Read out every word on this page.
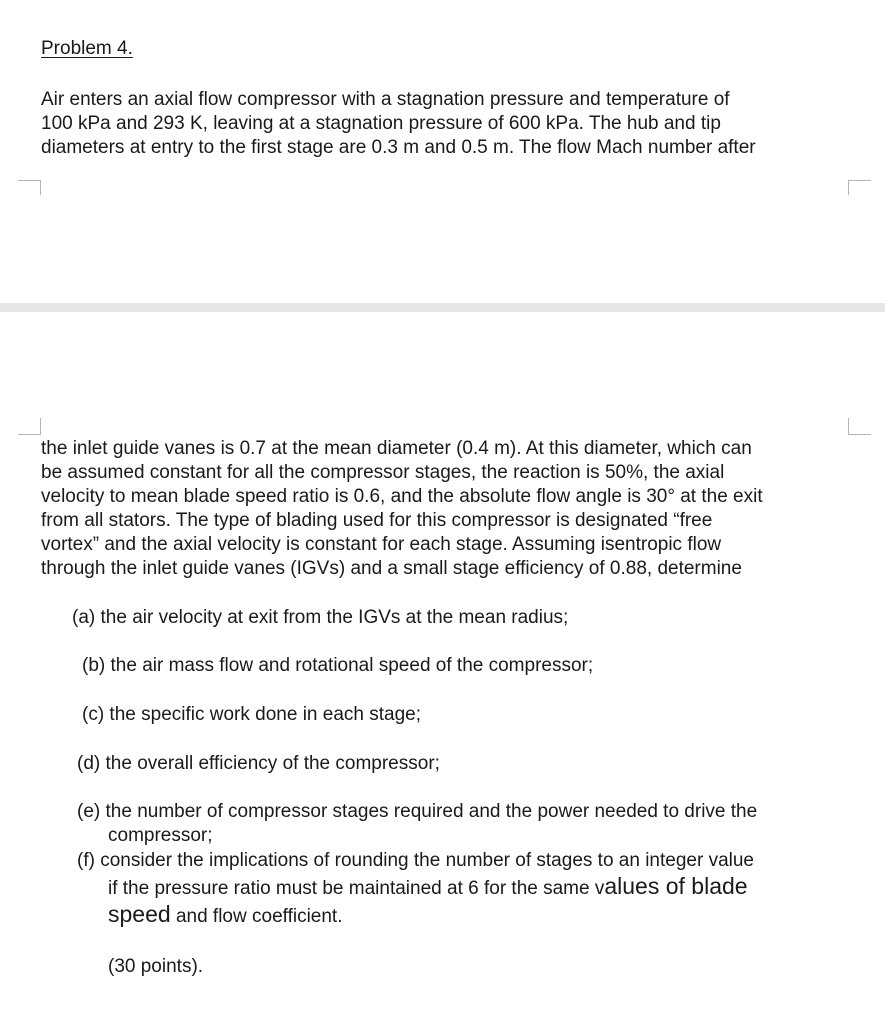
Problem 4.
Air enters an axial flow compressor with a stagnation pressure and temperature of
100 kPa and 293 K, leaving at a stagnation pressure of 600 kPa. The hub and tip
diameters at entry to the first stage are 0.3 m and 0.5 m. The flow Mach number after
the inlet guide vanes is 0.7 at the mean diameter (0.4 m). At this diameter, which can
be assumed constant for all the compressor stages, the reaction is 50%, the axial
velocity to mean blade speed ratio is 0.6, and the absolute flow angle is 30° at the exit
from all stators. The type of blading used for this compressor is designated “free
vortex” and the axial velocity is constant for each stage. Assuming isentropic flow
through the inlet guide vanes (IGVs) and a small stage efficiency of 0.88, determine
(a) the air velocity at exit from the IGVs at the mean radius;
(b) the air mass flow and rotational speed of the compressor;
(c) the specific work done in each stage;
(d) the overall efficiency of the compressor;
(e) the number of compressor stages required and the power needed to drive the
compressor;
(f) consider the implications of rounding the number of stages to an integer value
if the pressure ratio must be maintained at 6 for the same values of blade
speed and flow coefficient.
(30 points).
